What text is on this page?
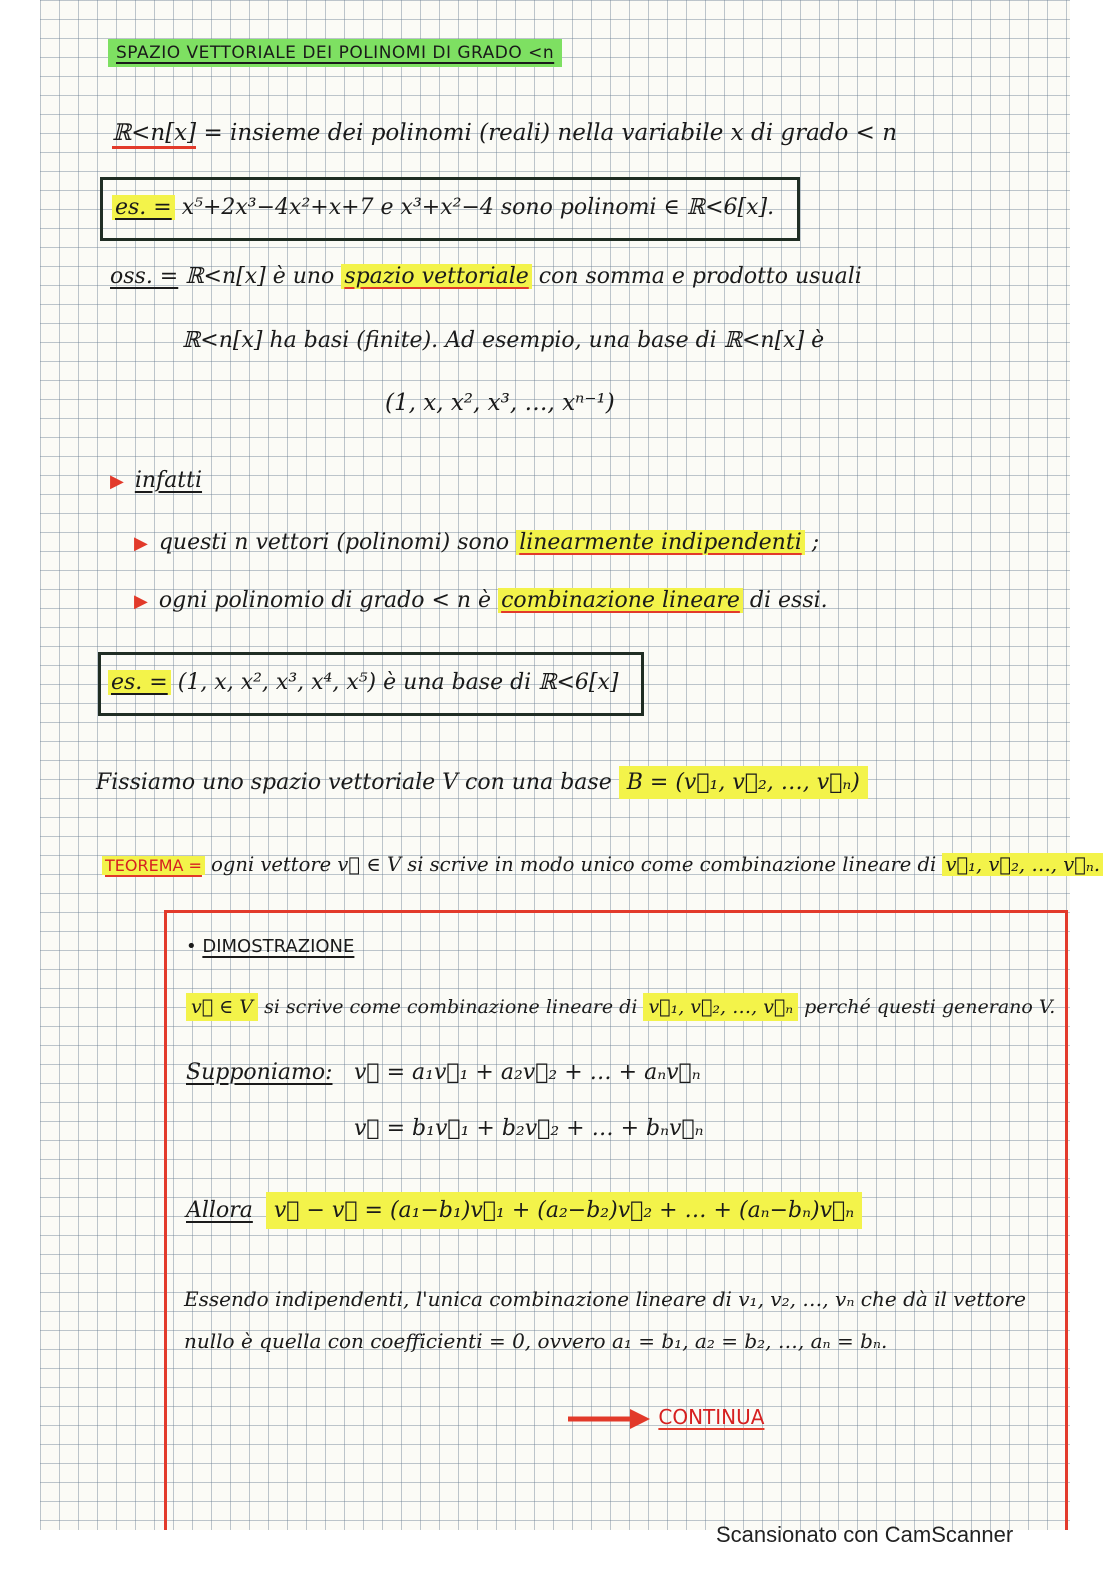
SPAZIO VETTORIALE DEI POLINOMI DI GRADO <n
ℝ<n[x] = insieme dei polinomi (reali) nella variabile x di grado < n
es. = x⁵+2x³−4x²+x+7 e x³+x²−4 sono polinomi ∈ ℝ<6[x].
oss. = ℝ<n[x] è uno spazio vettoriale con somma e prodotto usuali
ℝ<n[x] ha basi (finite). Ad esempio, una base di ℝ<n[x] è
(1, x, x², x³, …, xⁿ⁻¹)
▶ infatti
▶ questi n vettori (polinomi) sono linearmente indipendenti ;
▶ ogni polinomio di grado < n è combinazione lineare di essi.
es. = (1, x, x², x³, x⁴, x⁵) è una base di ℝ<6[x]
Fissiamo uno spazio vettoriale V con una base B = (v⃗₁, v⃗₂, …, v⃗ₙ)
TEOREMA = ogni vettore v⃗ ∈ V si scrive in modo unico come combinazione lineare di v⃗₁, v⃗₂, …, v⃗ₙ.
• DIMOSTRAZIONE
v⃗ ∈ V si scrive come combinazione lineare di v⃗₁, v⃗₂, …, v⃗ₙ perché questi generano V.
Supponiamo: v⃗ = a₁v⃗₁ + a₂v⃗₂ + … + aₙv⃗ₙ
v⃗ = b₁v⃗₁ + b₂v⃗₂ + … + bₙv⃗ₙ
Allora v⃗ − v⃗ = (a₁−b₁)v⃗₁ + (a₂−b₂)v⃗₂ + … + (aₙ−bₙ)v⃗ₙ
Essendo indipendenti, l'unica combinazione lineare di v₁, v₂, …, vₙ che dà il vettore
nullo è quella con coefficienti = 0, ovvero a₁ = b₁, a₂ = b₂, …, aₙ = bₙ.
CONTINUA
Scansionato con CamScanner
